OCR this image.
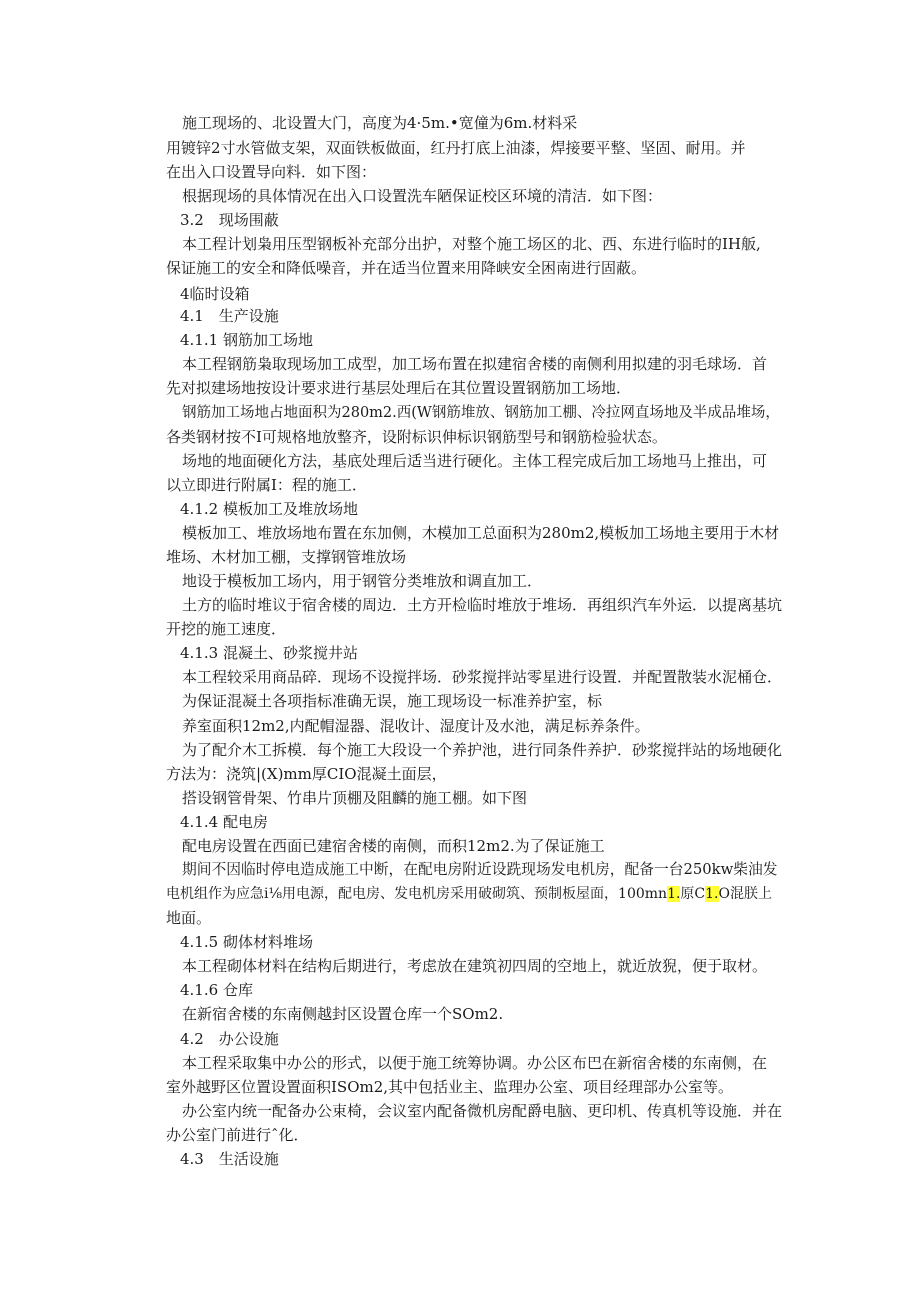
施工现场的、北设置大门，高度为4·5m.•宽僮为6m.材料采
用镀锌2寸水管做支架，双面铁板做面，红丹打底上油漆，焊接要平整、坚固、耐用。并
在出入口设置导向料．如下图：
根据现场的具体情况在出入口设置洗车陋保证校区环境的清洁．如下图：
3.2 现场围蔽
本工程计划枭用压型钢板补充部分出护，对整个施工场区的北、西、东进行临时的IH舨,
保证施工的安全和降低噪音，并在适当位置来用降峡安全困南进行固蔽。
4临时设箱
4.1 生产设施
4.1.1 钢筋加工场地
本工程钢筋枭取现场加工成型，加工场布置在拟建宿舍楼的南侧利用拟建的羽毛球场．首
先对拟建场地按设计要求进行基层处理后在其位置设置钢筋加工场地．
钢筋加工场地占地面积为280m2.西(W钢筋堆放、钢筋加工棚、冷拉网直场地及半成品堆场，
各类钢材按不I可规格地放整齐，设附标识伸标识钢筋型号和钢筋检验状态。
场地的地面硬化方法，基底处理后适当进行硬化。主体工程完成后加工场地马上推出，可
以立即进行附属I：程的施工．
4.1.2 模板加工及堆放场地
模板加工、堆放场地布置在东加侧，木模加工总面积为280m2,模板加工场地主要用于木材
堆场、木材加工棚，支撑钢管堆放场
地设于模板加工场内，用于钢管分类堆放和调直加工．
土方的临时堆议于宿舍楼的周边．土方开检临时堆放于堆场．再组织汽车外运．以提离基坑
开挖的施工速度．
4.1.3 混凝土、砂浆搅井站
本工程较采用商品碎．现场不设搅拌场．砂浆搅拌站零星进行设置．并配置散装水泥桶仓．
为保证混凝土各项指标准确无误，施工现场设一标准养护室，标
养室面积12m2,内配帽湿器、混收计、湿度计及水池，满足标养条件。
为了配介木工拆模．每个施工大段设一个养护池，进行同条件养护．砂浆搅拌站的场地硬化
方法为：浇筑|(X)mm厚CIO混凝土面层，
搭设钢管骨架、竹串片顶棚及阻麟的施工棚。如下图
4.1.4 配电房
配电房设置在西面已建宿舍楼的南侧，而积12m2.为了保证施工
期间不因临时停电造成施工中断，在配电房附近设跣现场发电机房，配备一台250kw柴油发
电机组作为应急i⅛用电源，配电房、发电机房采用破砌筑、预制板屋面，100mn1.原C1.O混朕上
地面。
4.1.5 砌体材料堆场
本工程砌体材料在结构后期进行，考虑放在建筑初四周的空地上，就近放猊，便于取材。
4.1.6 仓库
在新宿舍楼的东南侧越封区设置仓库一个SOm2.
4.2 办公设施
本工程采取集中办公的形式，以便于施工统筹协调。办公区布巴在新宿舍楼的东南侧，在
室外越野区位置设置面积ISOm2,其中包括业主、监理办公室、项目经理部办公室等。
办公室内统一配备办公束椅，会议室内配备微机房配爵电脑、更印机、传真机等设施．并在
办公室门前进行ˆ化．
4.3 生活设施
